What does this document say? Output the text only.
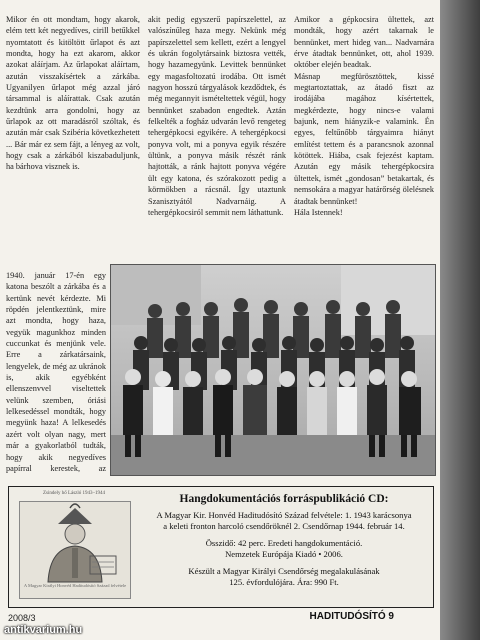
Mikor én ott mondtam, hogy akarok, elém tett két negyedíves, cirill betűkkel nyomtatott és kitöltött űrlapot és azt mondta, hogy ha ezt akarom, akkor azokat aláírjam. Az űrlapokat aláírtam, azután visszakísértek a zárkába. Ugyanilyen űrlapot még azzal járó társammal is aláírattak. Csak azután kezdtünk arra gondolni, hogy az űrlapok az ott maradásról szóltak, és azután már csak Szibéria következhetett ... Bár már ez sem fájt, a lényeg az volt, hogy csak a zárkából kiszabaduljunk, ha bárhova visznek is.

akit pedig egyszerű papírszelettel, az valószínűleg haza megy. Nekünk még papírszelettel sem kellett, ezért a lengyel és ukrán fogolytársaink biztosra vették, hogy hazamegyünk. Levittek bennünket egy magasfoltozatú irodába. Ott ismét nagyon hosszú tárgyalások kezdődtek, és még megannyit ismételtettek végül, hogy bennünket szabadon engedtek. Aztán felkelték a fogház udvarán levő rengeteg tehergépkocsi egyikére. A tehergépkocsi ponyva volt, mi a ponyva egyik részére ültünk, a ponyva másik részét ránk hajtották, a ránk hajtott ponyva végére ült egy katona, és szórakozott pedig a körmökben a rácsnál. Így utaztunk Szanisztyától Nadvarnáig. A tehergépkocsiról semmit nem láthattunk.

Amikor a gépkocsira ültettek, azt mondták, hogy azért takarnak le bennünket, mert hideg van... Nadvarnára érve átadtak bennünket, ott, ahol 1939. október elején beadtak.

Másnap megfürösztöttek, kissé megtartoztattak, az átadó fiszt az irodájába magához kísértettek, megkérdezte, hogy nincs-e valami bajunk, nem hiányzik-e valamink. Én egyes, feltűnőbb tárgyaimra hiányt említést tettem és a parancsnok azonnal kötöttek. Hiába, csak fejezést kaptam. Azután egy másik tehergépkocsira ültettek, ismét „gondosan” betakartak, és nemsokára a magyar határőrség ölelésnek átadtak bennünket!

Hála Istennek!

1940. január 17-én egy katona beszólt a zárkába és a kertünk nevét kérdezte. Mi röpdén jelentkeztünk, mire azt mondta, hogy haza, vegyük magunkhoz minden cuccunkat és menjünk vele. Erre a zárkatársaink, lengyelek, de még az ukránok is, akik egyébként ellenszenvvel viseltettek velünk szemben, óriási lelkesedéssel mondták, hogy megyünk haza! A lelkesedés azért volt olyan nagy, mert már a gyakorlatból tudták, hogy akik negyedíves papírral kerestek, az

Zsindely hő László 1943–1944
A Magyar Királyi Honvéd Haditudósító Század felvétele
Hangdokumentációs forráspublikáció CD:

A Magyar Kir. Honvéd Haditudósító Század felvétele: 1. 1943 karácsonya

a keleti fronton harcoló csendőröknél 2. Csendőrnap 1944. február 14.

Összidő: 42 perc. Eredeti hangdokumentáció.

Nemzetek Európája Kiadó • 2006.

Készült a Magyar Királyi Csendőrség megalakulásának

125. évfordulójára. Ára: 990 Ft.

2008/3	HADITUDÓSÍTÓ 9
antikvarium.hu
